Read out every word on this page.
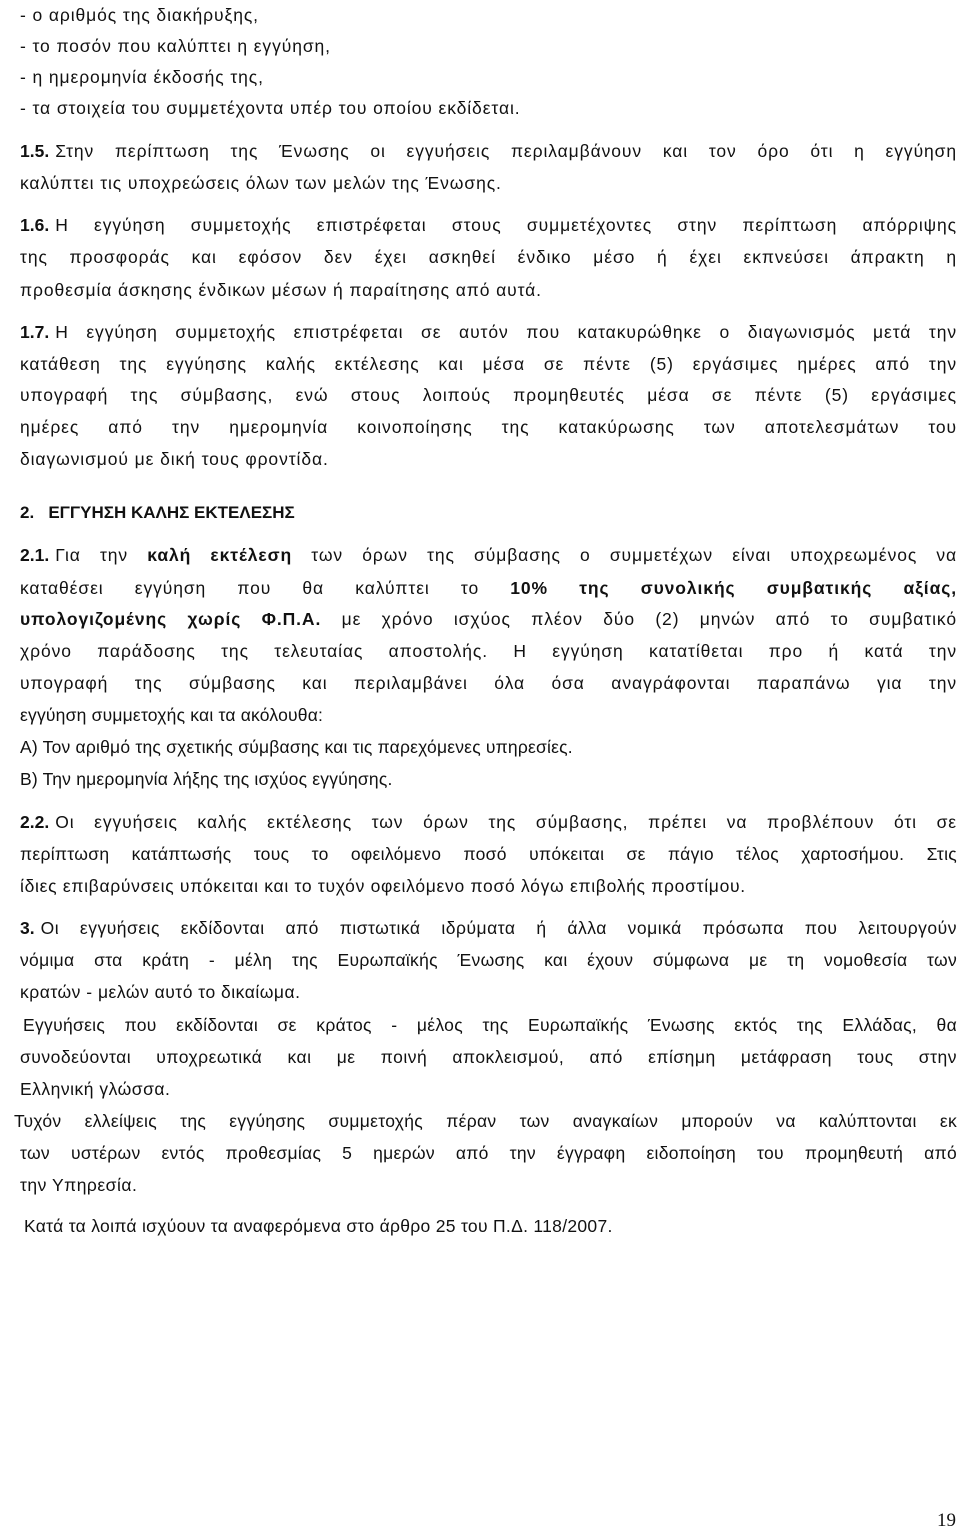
- ο αριθμός της διακήρυξης,
- το ποσόν που καλύπτει η εγγύηση,
- η ημερομηνία έκδοσής της,
- τα στοιχεία του συμμετέχοντα υπέρ του οποίου εκδίδεται.
1.5. Στην περίπτωση της Ένωσης οι εγγυήσεις περιλαμβάνουν και τον όρο ότι η εγγύηση
καλύπτει τις υποχρεώσεις όλων των μελών της Ένωσης.
1.6. Η εγγύηση συμμετοχής επιστρέφεται στους συμμετέχοντες στην περίπτωση απόρριψης
της προσφοράς και εφόσον δεν έχει ασκηθεί ένδικο μέσο ή έχει εκπνεύσει άπρακτη η
προθεσμία άσκησης ένδικων μέσων ή παραίτησης από αυτά.
1.7. Η εγγύηση συμμετοχής επιστρέφεται σε αυτόν που κατακυρώθηκε ο διαγωνισμός μετά την
κατάθεση της εγγύησης καλής εκτέλεσης και μέσα σε πέντε (5) εργάσιμες ημέρες από την
υπογραφή της σύμβασης, ενώ στους λοιπούς προμηθευτές μέσα σε πέντε (5) εργάσιμες
ημέρες από την ημερομηνία κοινοποίησης της κατακύρωσης των αποτελεσμάτων του
διαγωνισμού με δική τους φροντίδα.
2.   ΕΓΓΥΗΣΗ ΚΑΛΗΣ ΕΚΤΕΛΕΣΗΣ
2.1. Για την καλή εκτέλεση των όρων της σύμβασης ο συμμετέχων είναι υποχρεωμένος να
καταθέσει εγγύηση που θα καλύπτει το 10% της συνολικής συμβατικής αξίας,
υπολογιζομένης χωρίς Φ.Π.Α. με χρόνο ισχύος πλέον δύο (2) μηνών από το συμβατικό
χρόνο παράδοσης της τελευταίας αποστολής. Η εγγύηση κατατίθεται προ ή κατά την
υπογραφή της σύμβασης και περιλαμβάνει όλα όσα αναγράφονται παραπάνω για την
εγγύηση συμμετοχής και τα ακόλουθα:
Α) Τον αριθμό της σχετικής σύμβασης και τις παρεχόμενες υπηρεσίες.
Β) Την ημερομηνία λήξης της ισχύος εγγύησης.
2.2. Οι εγγυήσεις καλής εκτέλεσης των όρων της σύμβασης, πρέπει να προβλέπουν ότι σε
περίπτωση κατάπτωσής τους το οφειλόμενο ποσό υπόκειται σε πάγιο τέλος χαρτοσήμου. Στις
ίδιες επιβαρύνσεις υπόκειται και το τυχόν οφειλόμενο ποσό λόγω επιβολής προστίμου.
3. Οι εγγυήσεις εκδίδονται από πιστωτικά ιδρύματα ή άλλα νομικά πρόσωπα που λειτουργούν
νόμιμα στα κράτη - μέλη της Ευρωπαϊκής Ένωσης και έχουν σύμφωνα με τη νομοθεσία των
κρατών - μελών αυτό το δικαίωμα.
Εγγυήσεις που εκδίδονται σε κράτος - μέλος της Ευρωπαϊκής Ένωσης εκτός της Ελλάδας, θα
συνοδεύονται υποχρεωτικά και με ποινή αποκλεισμού, από επίσημη μετάφραση τους στην
Ελληνική γλώσσα.
Τυχόν ελλείψεις της εγγύησης συμμετοχής πέραν των αναγκαίων μπορούν να καλύπτονται εκ
των υστέρων εντός προθεσμίας 5 ημερών από την έγγραφη ειδοποίηση του προμηθευτή από
την Υπηρεσία.
Κατά τα λοιπά ισχύουν τα αναφερόμενα στο άρθρο 25 του Π.Δ. 118/2007.
19
